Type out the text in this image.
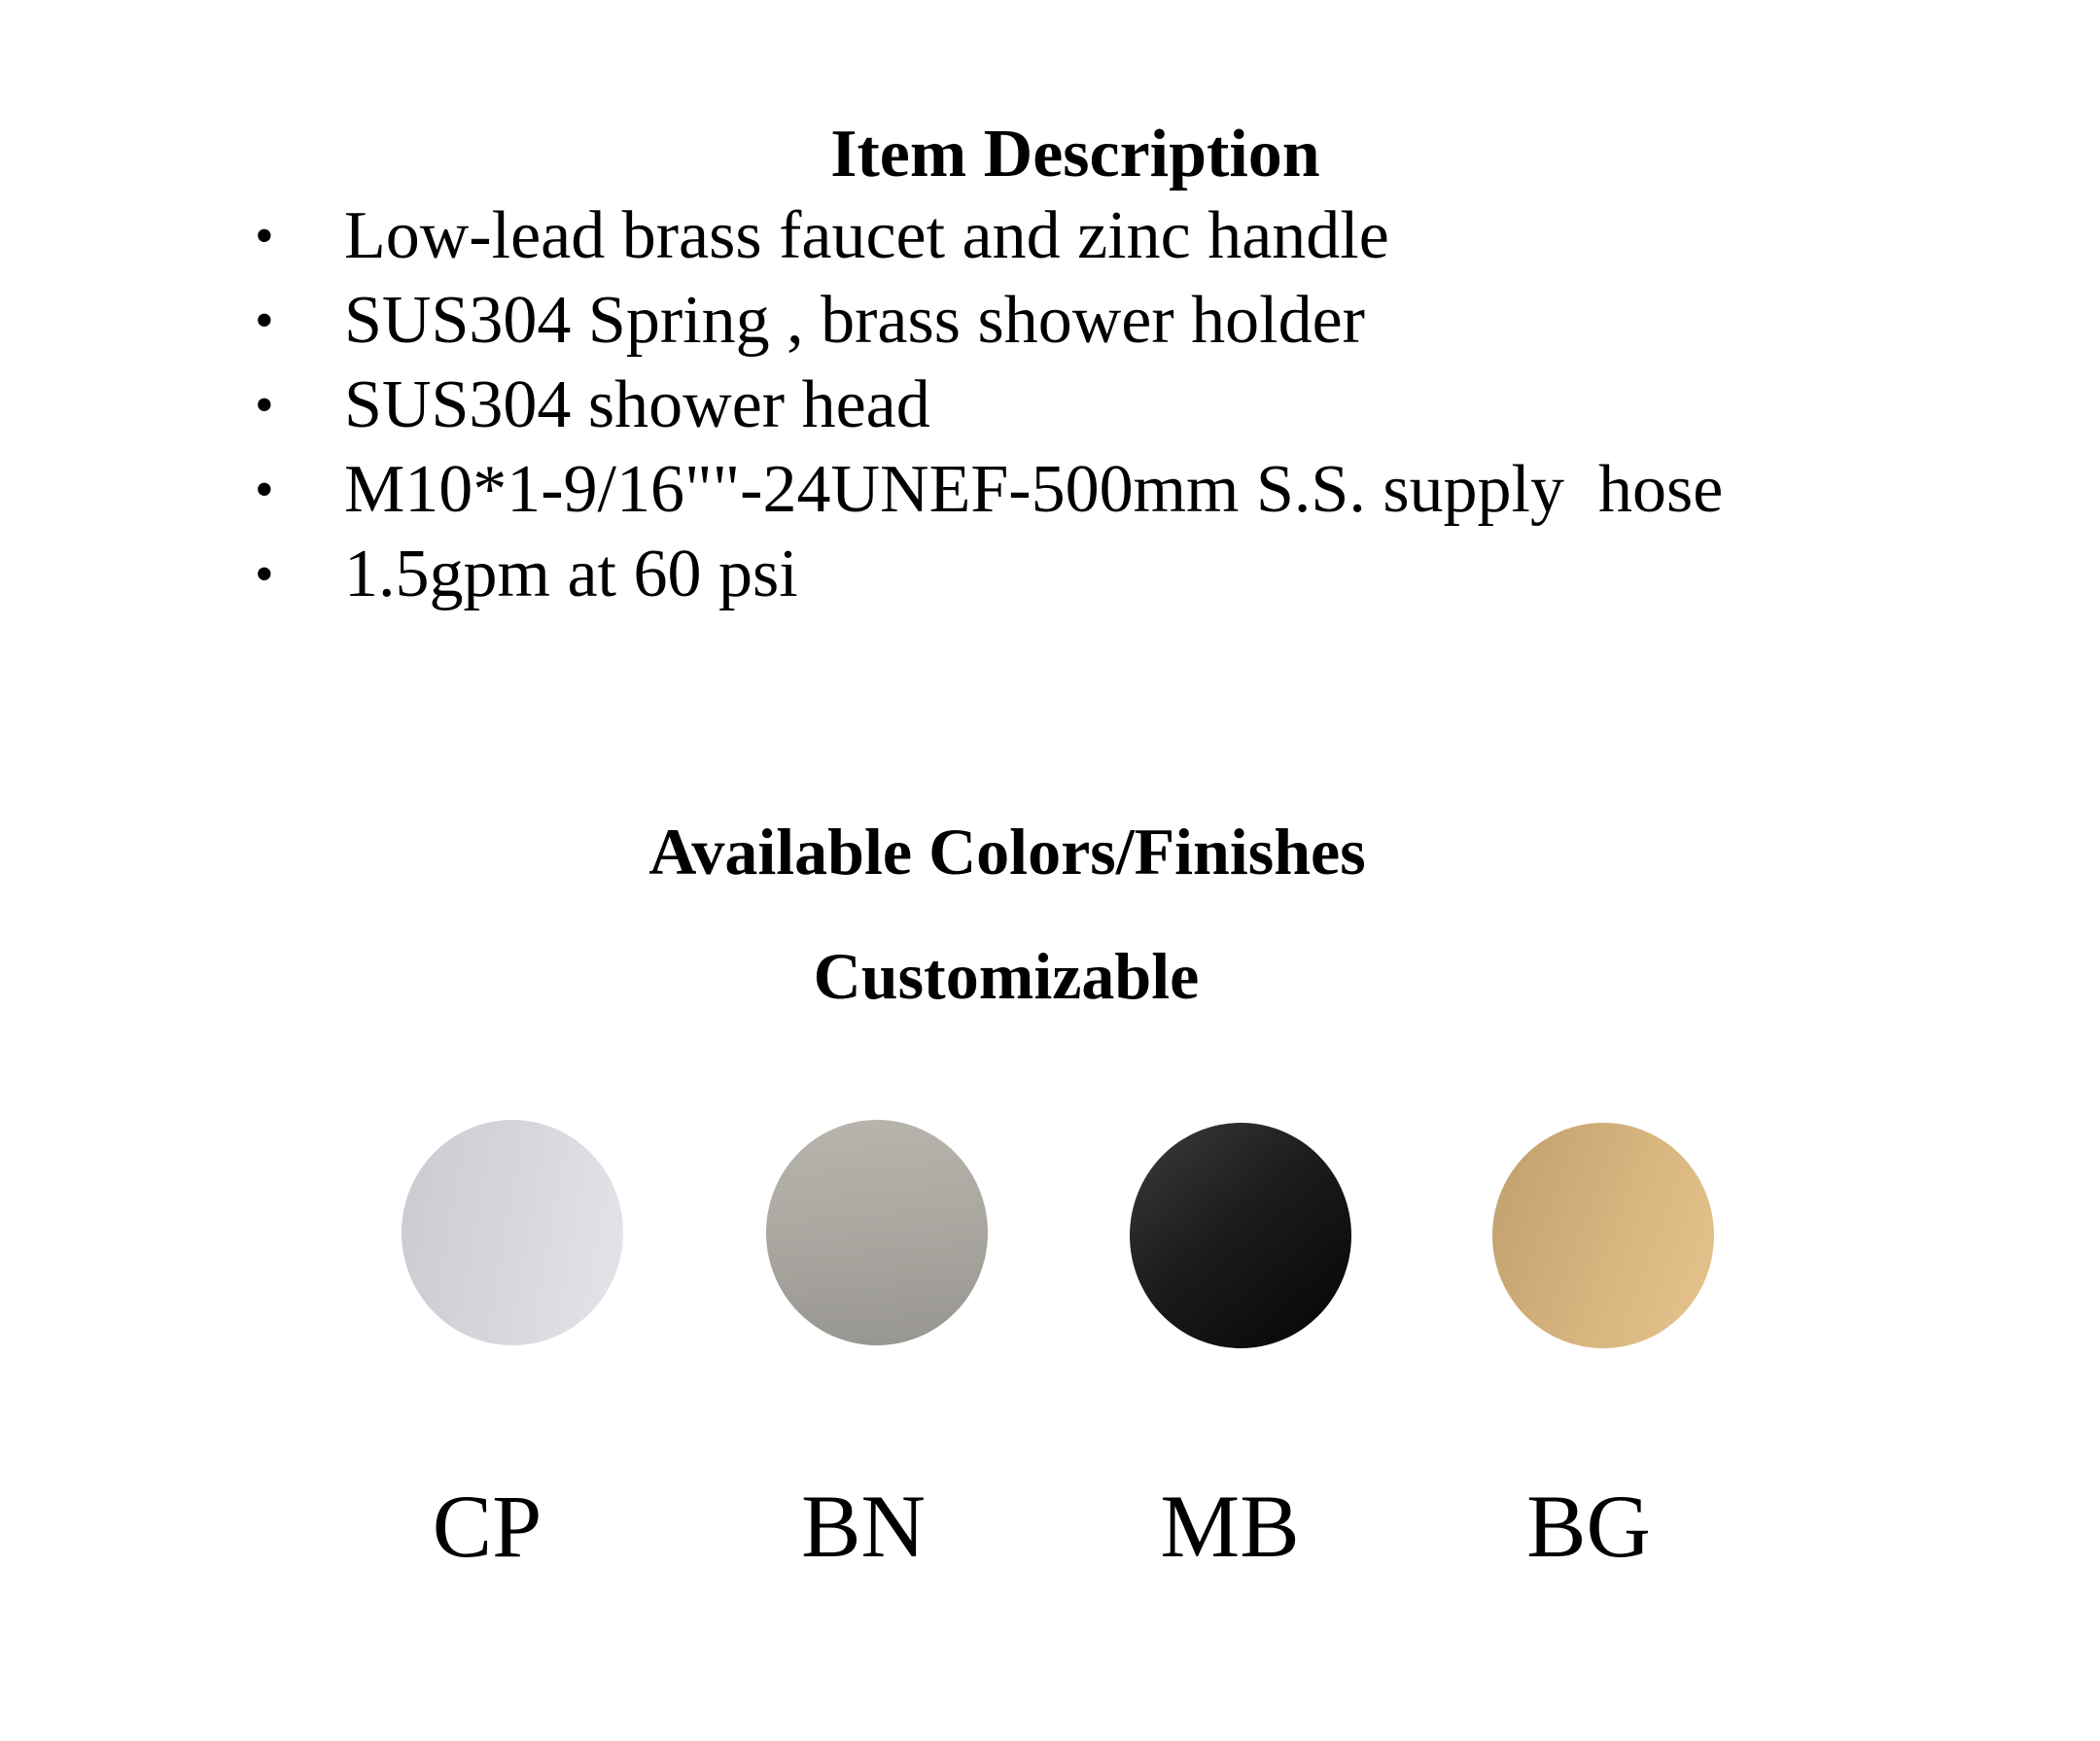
Item Description
• Low-lead brass faucet and zinc handle
• SUS304 Spring , brass shower holder
• SUS304 shower head
• M10*1-9/16""-24UNEF-500mm S.S. supply  hose
• 1.5gpm at 60 psi
Available Colors/Finishes
Customizable
CP	BN	MB	BG
